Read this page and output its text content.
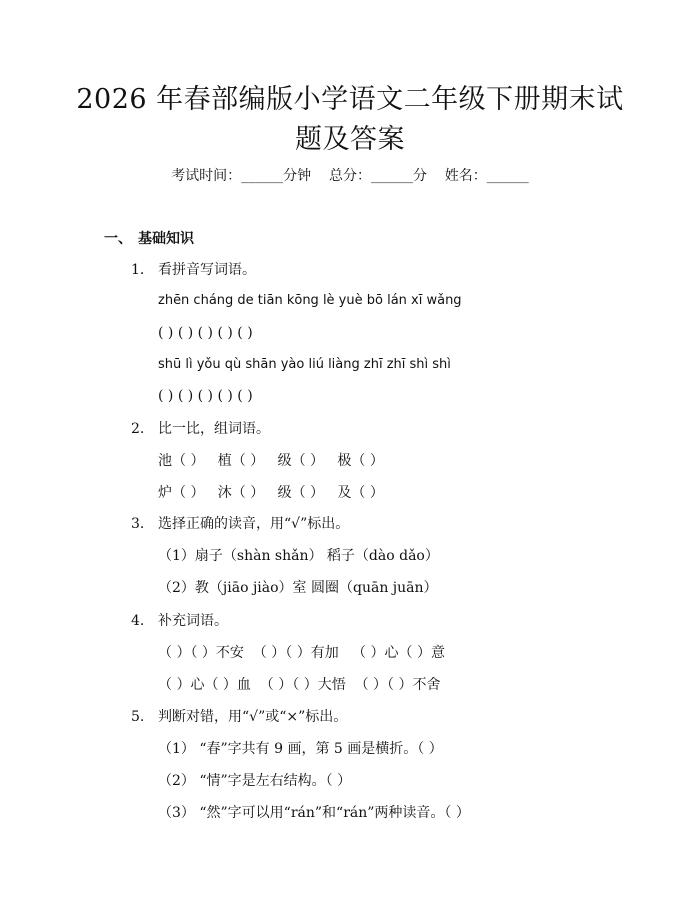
2026 年春部编版小学语文二年级下册期末试
题及答案
考试时间：______分钟    总分：______分    姓名：______
一、 基础知识
1. 看拼音写词语。
zhēn cháng de tiān kōng lè yuè bō lán xī wǎng
( ) ( ) ( ) ( ) ( )
shū lì yǒu qù shān yào liú liàng zhī zhī shì shì
( ) ( ) ( ) ( ) ( )
2. 比一比，组词语。
池（ ）   植（ ）   级（ ）   极（ ）
炉（ ）   沐（ ）   级（ ）   及（ ）
3. 选择正确的读音，用“√”标出。
（1）扇子（shàn shǎn） 稻子（dào dǎo）
（2）教（jiāo jiào）室 圆圈（quān juān）
4. 补充词语。
（ ）（ ）不安  （ ）（ ）有加   （ ）心（ ）意
（ ）心（ ）血  （ ）（ ）大悟  （ ）（ ）不舍
5. 判断对错，用“√”或“×”标出。
（1） “春”字共有 9 画，第 5 画是横折。（ ）
（2） “情”字是左右结构。（ ）
（3） “然”字可以用“rán”和“rán”两种读音。（ ）
